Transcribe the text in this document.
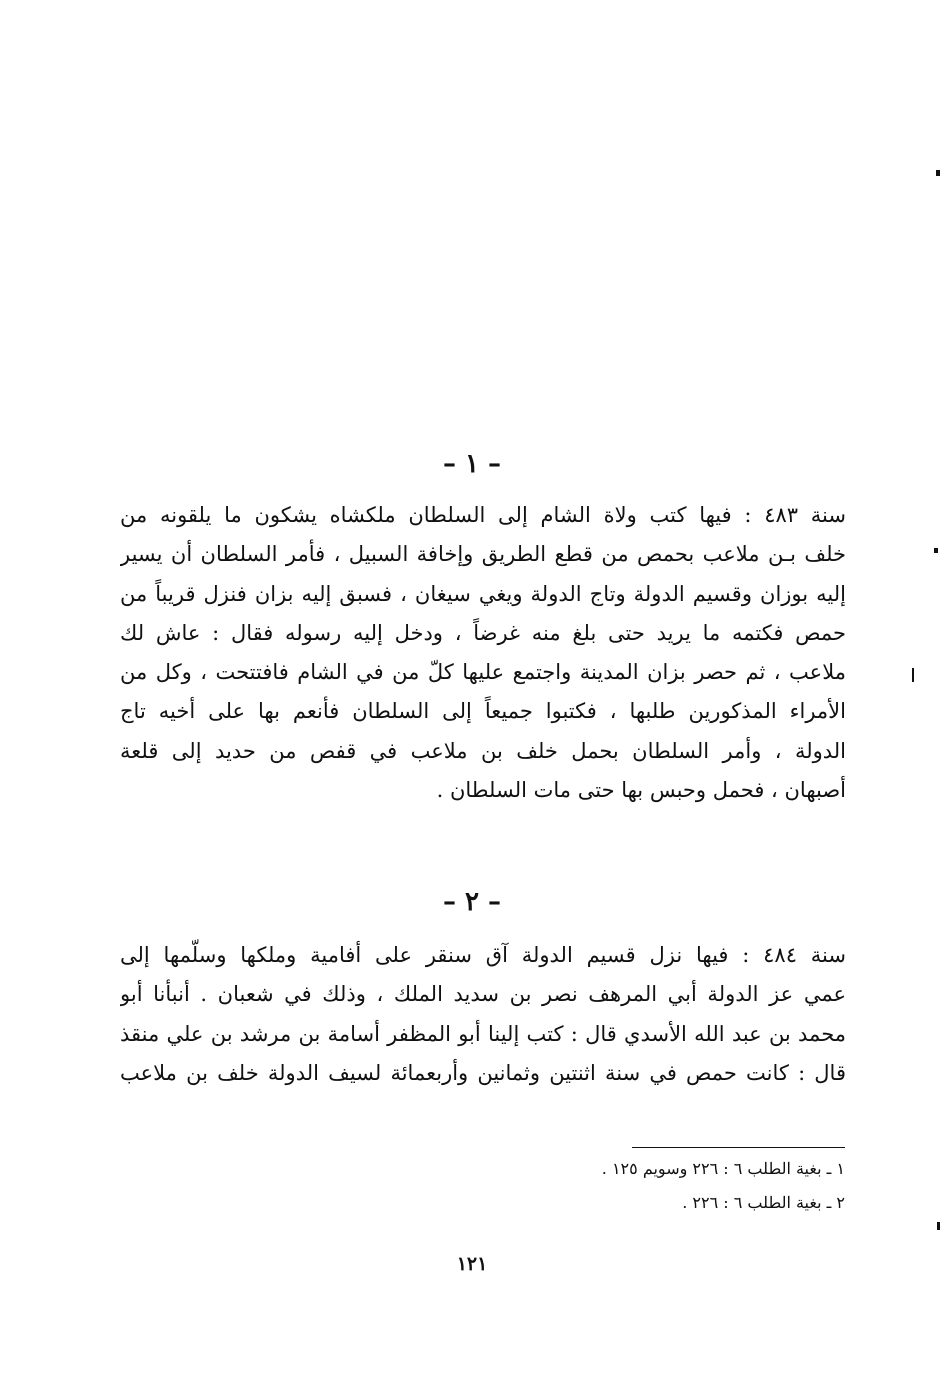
– ١ –
سنة ٤٨٣ : فيها كتب ولاة الشام إلى السلطان ملكشاه يشكون ما يلقونه من
خلف بـن ملاعب بحمص من قطع الطريق وإخافة السبيل ، فأمر السلطان أن يسير
إليه بوزان وقسيم الدولة وتاج الدولة ويغي سيغان ، فسبق إليه بزان فنزل قريباً من
حمص فكتمه ما يريد حتى بلغ منه غرضاً ، ودخل إليه رسوله فقال : عاش لك
ملاعب ، ثم حصر بزان المدينة واجتمع عليها كلّ من في الشام فافتتحت ، وكل من
الأمراء المذكورين طلبها ، فكتبوا جميعاً إلى السلطان فأنعم بها على أخيه تاج
الدولة ، وأمر السلطان بحمل خلف بن ملاعب في قفص من حديد إلى قلعة
أصبهان ، فحمل وحبس بها حتى مات السلطان .
– ٢ –
سنة ٤٨٤ : فيها نزل قسيم الدولة آق سنقر على أفامية وملكها وسلّمها إلى
عمي عز الدولة أبي المرهف نصر بن سديد الملك ، وذلك في شعبان . أنبأنا أبو
محمد بن عبد الله الأسدي قال : كتب إلينا أبو المظفر أسامة بن مرشد بن علي منقذ
قال : كانت حمص في سنة اثنتين وثمانين وأربعمائة لسيف الدولة خلف بن ملاعب
١ ـ بغية الطلب ٦ : ٢٢٦ وسويم ١٢٥ .
٢ ـ بغية الطلب ٦ : ٢٢٦ .
١٢١
